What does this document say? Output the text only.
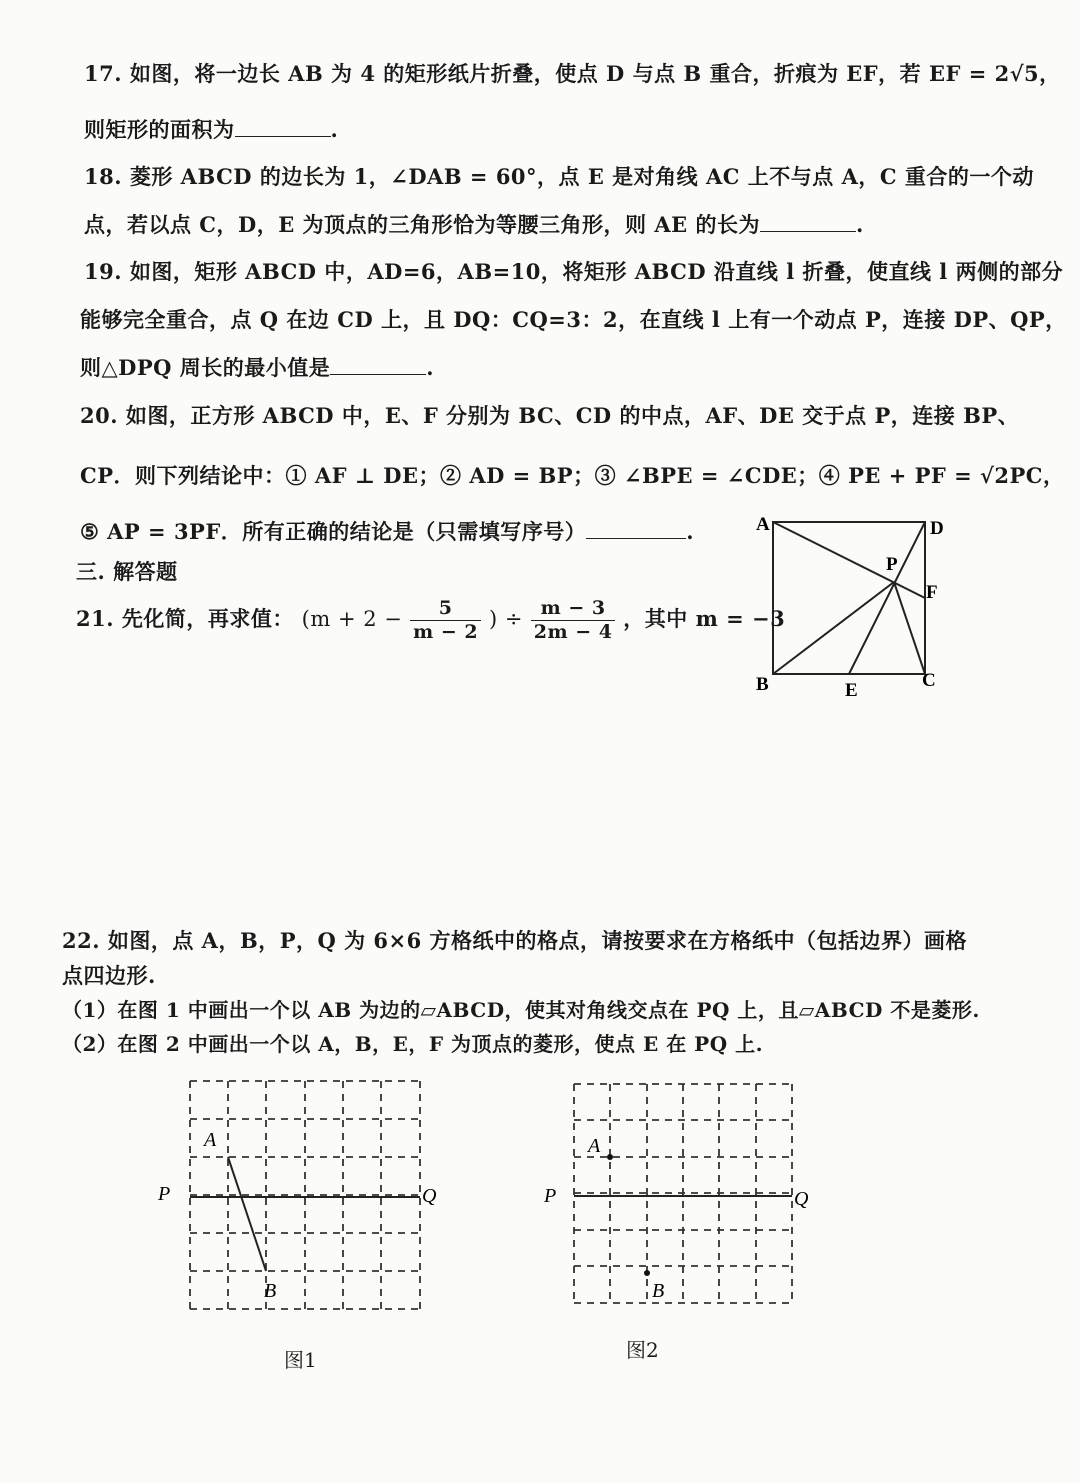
17. 如图，将一边长 AB 为 4 的矩形纸片折叠，使点 D 与点 B 重合，折痕为 EF，若 EF = 2√5，
则矩形的面积为	.
18. 菱形 ABCD 的边长为 1，∠DAB = 60°，点 E 是对角线 AC 上不与点 A，C 重合的一个动
点，若以点 C，D，E 为顶点的三角形恰为等腰三角形，则 AE 的长为	.
19. 如图，矩形 ABCD 中，AD=6，AB=10，将矩形 ABCD 沿直线 l 折叠，使直线 l 两侧的部分
能够完全重合，点 Q 在边 CD 上，且 DQ：CQ=3：2，在直线 l 上有一个动点 P，连接 DP、QP，
则△DPQ 周长的最小值是	.
20. 如图，正方形 ABCD 中，E、F 分别为 BC、CD 的中点，AF、DE 交于点 P，连接 BP、
CP．则下列结论中：① AF ⊥ DE；② AD = BP；③ ∠BPE = ∠CDE；④ PE + PF = √2PC，
⑤ AP = 3PF．所有正确的结论是（只需填写序号）	.	A	D
P
F
B	E	C
三. 解答题
21. 先化简，再求值： ($m + 2 - \frac{5}{m - 2}$ ) ÷ $\frac{m - 3}{2m - 4}$ ，其中 m = −3
22. 如图，点 A，B，P，Q 为 6×6 方格纸中的格点，请按要求在方格纸中（包括边界）画格
点四边形.
（1）在图 1 中画出一个以 AB 为边的▱ABCD，使其对角线交点在 PQ 上，且▱ABCD 不是菱形.
（2）在图 2 中画出一个以 A，B，E，F 为顶点的菱形，使点 E 在 PQ 上.
A
B
P	Q
图1
A
B
P	Q
图2
